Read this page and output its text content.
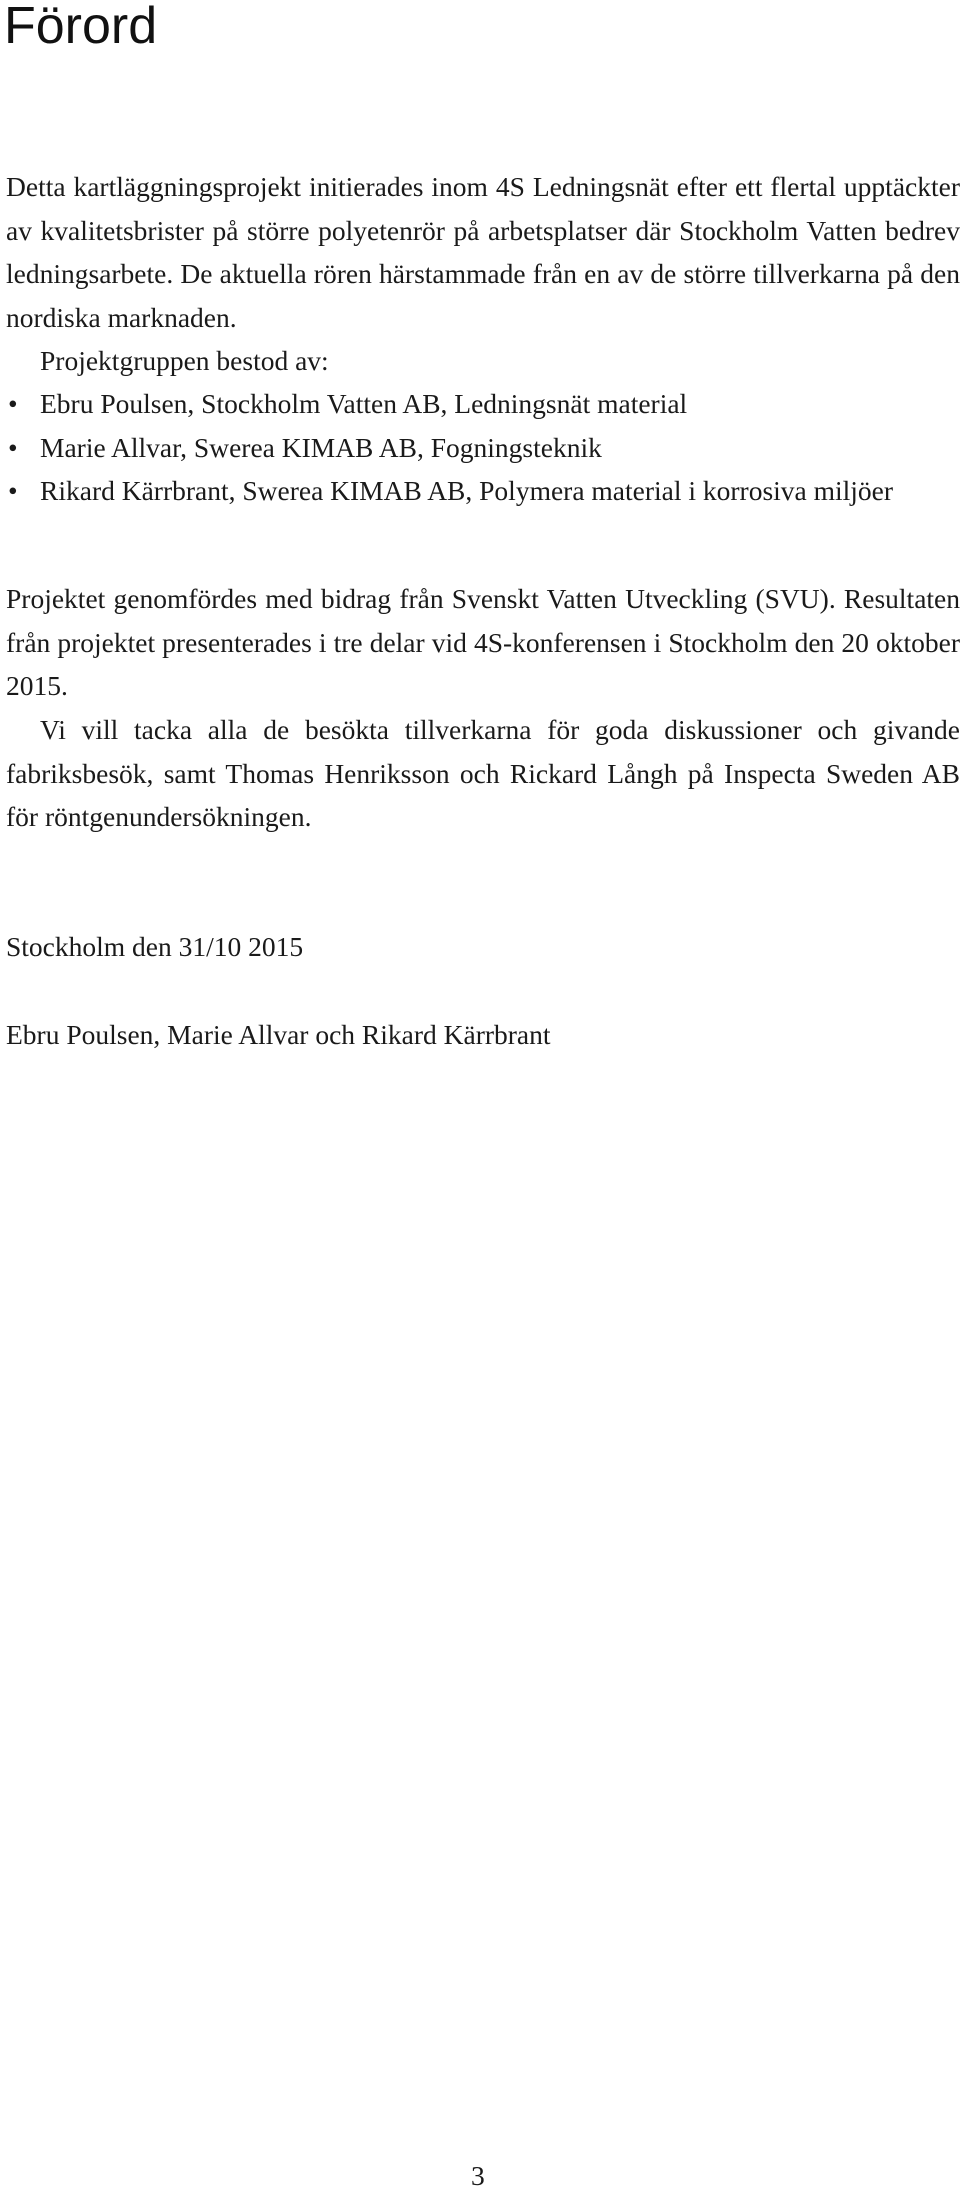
Förord
Detta kartläggningsprojekt initierades inom 4S Ledningsnät efter ett flertal upptäckter av kvalitetsbrister på större polyetenrör på arbetsplatser där Stockholm Vatten bedrev ledningsarbete. De aktuella rören härstammade från en av de större tillverkarna på den nordiska marknaden.
Projektgruppen bestod av:
• Ebru Poulsen, Stockholm Vatten AB, Ledningsnät material
• Marie Allvar, Swerea KIMAB AB, Fogningsteknik
• Rikard Kärrbrant, Swerea KIMAB AB, Polymera material i korrosiva miljöer

Projektet genomfördes med bidrag från Svenskt Vatten Utveckling (SVU). Resultaten från projektet presenterades i tre delar vid 4S-konferensen i Stockholm den 20 oktober 2015.

Vi vill tacka alla de besökta tillverkarna för goda diskussioner och givande fabriksbesök, samt Thomas Henriksson och Rickard Långh på Inspecta Sweden AB för röntgenundersökningen.

Stockholm den 31/10 2015

Ebru Poulsen, Marie Allvar och Rikard Kärrbrant

3
